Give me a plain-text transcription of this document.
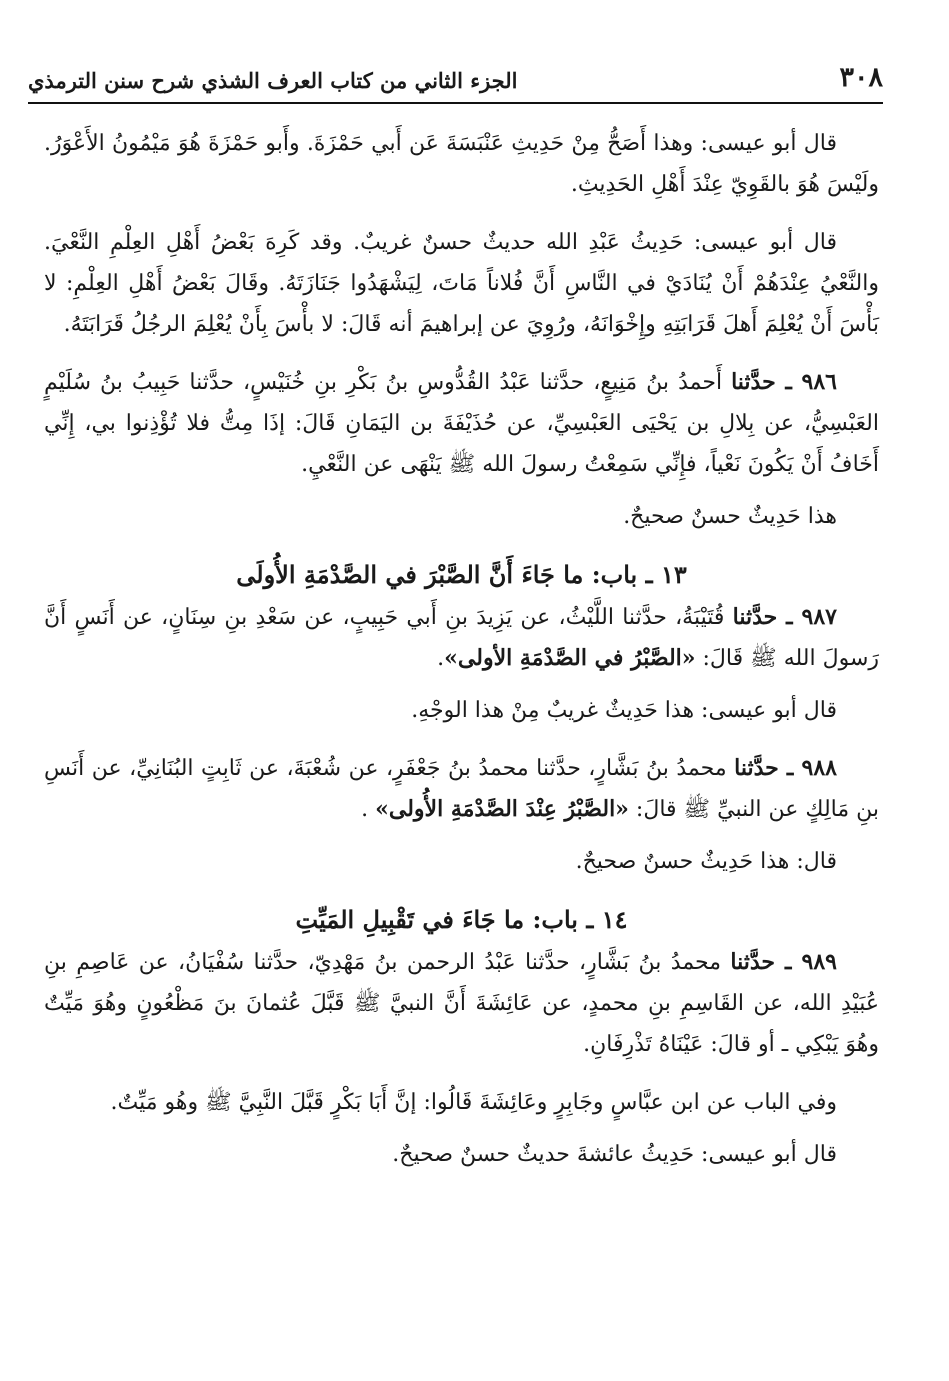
٣٠٨
الجزء الثاني من كتاب العرف الشذي شرح سنن الترمذي

قال أبو عيسى: وهذا أَصَحُّ مِنْ حَدِيثِ عَنْبَسَةَ عَن أَبي حَمْزَةَ. وأَبو حَمْزَةَ هُوَ مَيْمُونُ الأَعْوَرُ. ولَيْسَ هُوَ بالقَوِيّ عِنْدَ أَهْلِ الحَدِيثِ.

قال أبو عيسى: حَدِيثُ عَبْدِ الله حديثٌ حسنٌ غريبٌ. وقد كَرِهَ بَعْضُ أَهْلِ العِلْمِ النَّعْيَ. والنَّعْيُ عِنْدَهُمْ أَنْ يُنَادَيْ في النَّاسِ أَنَّ فُلاناً مَاتَ، لِيَشْهَدُوا جَنَازَتَهُ. وقَالَ بَعْضُ أَهْلِ العِلْمِ: لا بَأْسَ أَنْ يُعْلِمَ أَهلَ قَرَابَتِهِ وإِخْوَانَهُ، ورُوِيَ عن إبراهيمَ أنه قَالَ: لا بأْسَ بِأَنْ يُعْلِمَ الرجُلُ قَرَابَتَهُ.

٩٨٦ ـ حدَّثنا أَحمدُ بنُ مَنِيعٍ، حدَّثنا عَبْدُ القُدُّوسِ بنُ بَكْرِ بنِ خُنَيْسٍ، حدَّثنا حَبِيبُ بنُ سُلَيْمٍ العَبْسِيُّ، عن بِلالِ بن يَحْيَى العَبْسِيِّ، عن حُذَيْفَةَ بن اليَمَانِ قَالَ: إذَا مِتُّ فلا تُؤْذِنوا بي، إِنِّي أَخَافُ أَنْ يَكُونَ نَعْياً، فإِنِّي سَمِعْتُ رسولَ الله ﷺ يَنْهَى عن النَّعْيِ.

هذا حَدِيثٌ حسنٌ صحيحٌ.

١٣ ـ باب: ما جَاءَ أَنَّ الصَّبْرَ في الصَّدْمَةِ الأُولَى

٩٨٧ ـ حدَّثنا قُتَيْبَةُ، حدَّثنا اللَّيْثُ، عن يَزِيدَ بنِ أَبي حَبِيبٍ، عن سَعْدِ بنِ سِنَانٍ، عن أَنَسٍ أَنَّ رَسولَ الله ﷺ قَالَ: «الصَّبْرُ في الصَّدْمَةِ الأولى».

قال أبو عيسى: هذا حَدِيثٌ غريبٌ مِنْ هذا الوجْهِ.

٩٨٨ ـ حدَّثنا محمدُ بنُ بَشَّارٍ، حدَّثنا محمدُ بنُ جَعْفَرٍ، عن شُعْبَةَ، عن ثَابِتٍ البُنَانِيِّ، عن أَنَسِ بنِ مَالِكٍ عن النبيِّ ﷺ قالَ: «الصَّبْرُ عِنْدَ الصَّدْمَةِ الأُولى» .

قال: هذا حَدِيثٌ حسنٌ صحيحٌ.

١٤ ـ باب: ما جَاءَ في تَقْبِيلِ المَيِّتِ

٩٨٩ ـ حدَّثنا محمدُ بنُ بَشَّارٍ، حدَّثنا عَبْدُ الرحمن بنُ مَهْدِيّ، حدَّثنا سُفْيَانُ، عن عَاصِمِ بنِ عُبَيْدِ الله، عن القَاسِمِ بنِ محمدٍ، عن عَائِشَةَ أَنَّ النبيَّ ﷺ قَبَّلَ عُثمانَ بنَ مَظْعُونٍ وهُوَ مَيِّتٌ وهُوَ يَبْكِي ـ أو قالَ: عَيْنَاهُ تَذْرِفَانِ.

وفي الباب عن ابن عبَّاسٍ وجَابِرٍ وعَائِشَةَ قَالُوا: إنَّ أَبَا بَكْرٍ قَبَّلَ النَّبِيَّ ﷺ وهُو مَيِّتٌ.

قال أبو عيسى: حَدِيثُ عائشةَ حديثٌ حسنٌ صحيحٌ.
